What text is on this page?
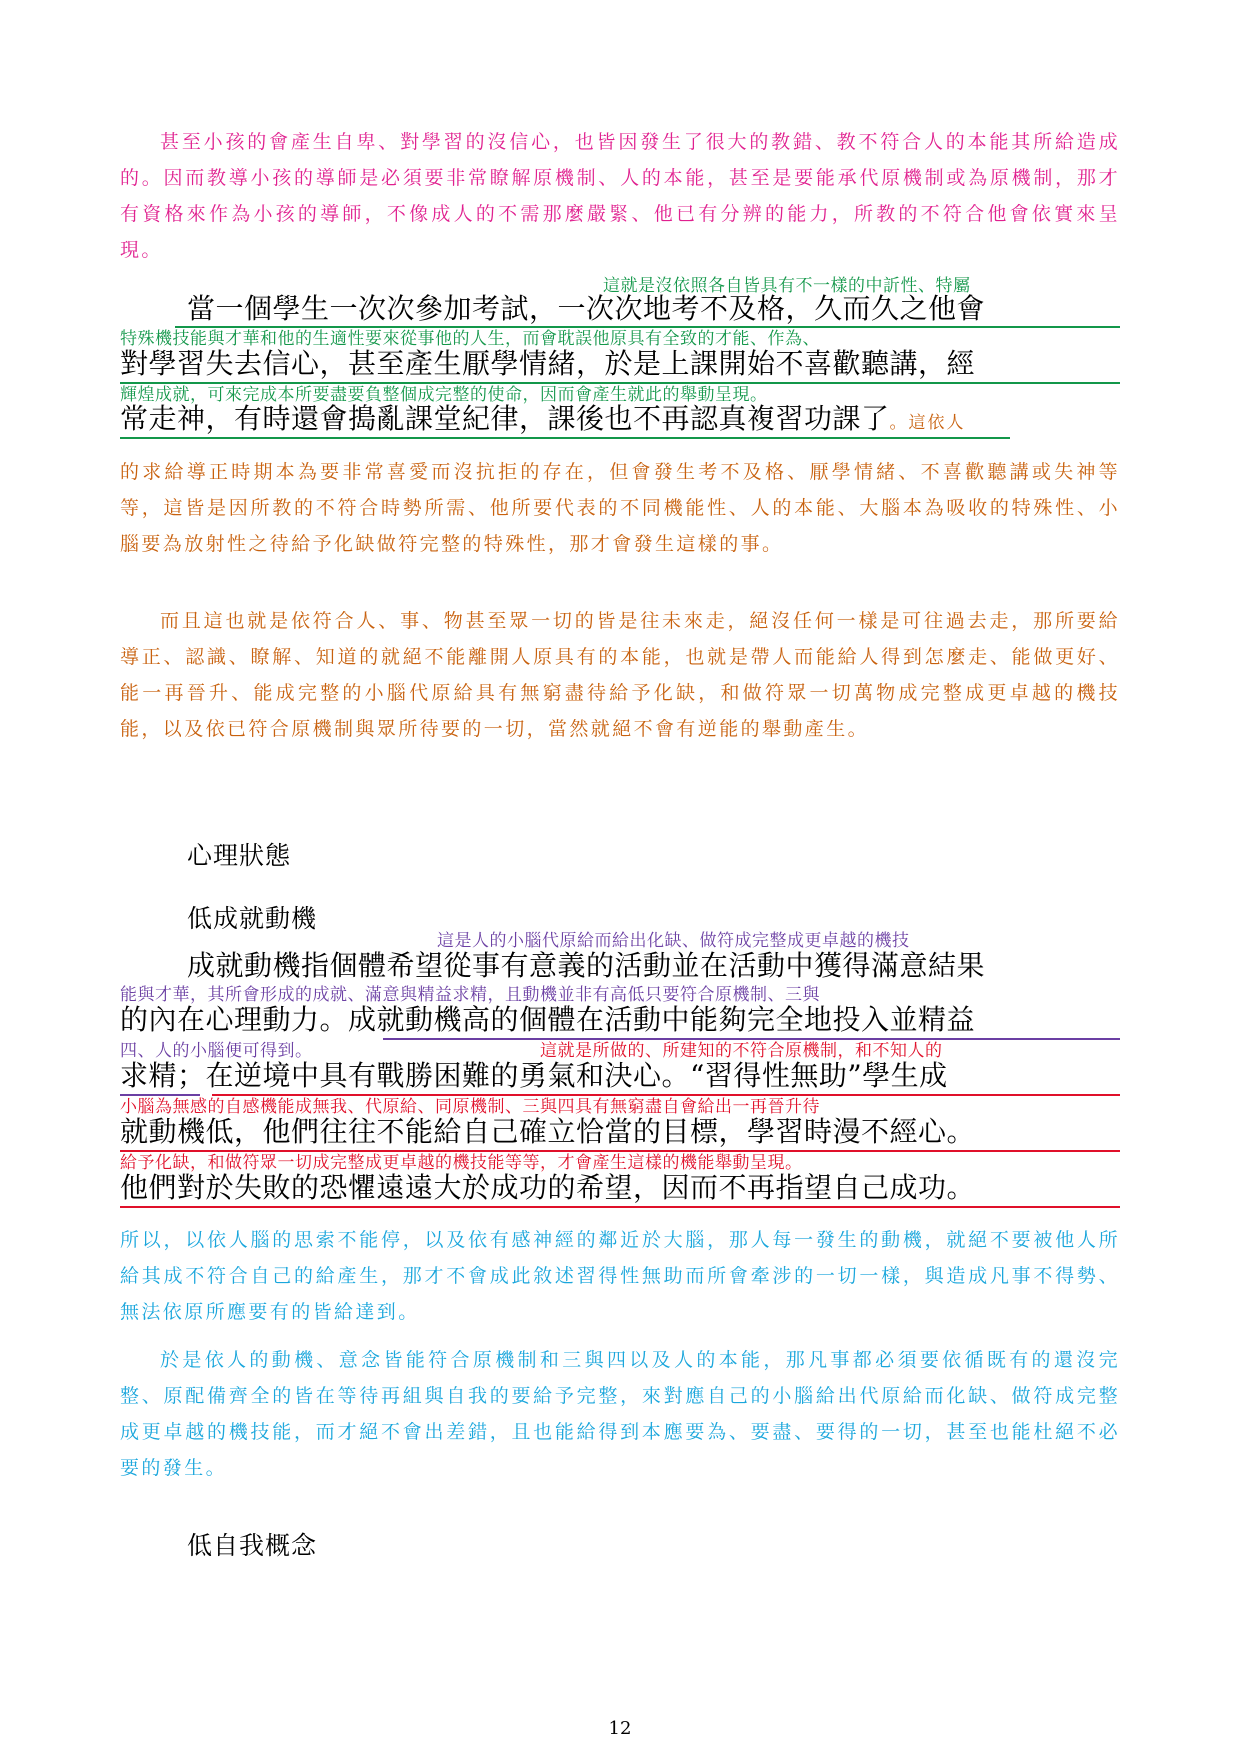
甚至小孩的會產生自卑、對學習的沒信心，也皆因發生了很大的教錯、教不符合人的本能其所給造成的。因而教導小孩的導師是必須要非常瞭解原機制、人的本能，甚至是要能承代原機制或為原機制，那才有資格來作為小孩的導師，不像成人的不需那麼嚴緊、他已有分辨的能力，所教的不符合他會依實來呈現。
這就是沒依照各自皆具有不一樣的中訢性、特屬
當一個學生一次次參加考試，一次次地考不及格，久而久之他會
特殊機技能與才華和他的生適性要來從事他的人生，而會耽誤他原具有全致的才能、作為、
對學習失去信心，甚至產生厭學情緒，於是上課開始不喜歡聽講，經
輝煌成就，可來完成本所要盡要負整個成完整的使命，因而會產生就此的舉動呈現。
常走神，有時還會搗亂課堂紀律，課後也不再認真複習功課了。這依人
的求給導正時期本為要非常喜愛而沒抗拒的存在，但會發生考不及格、厭學情緒、不喜歡聽講或失神等等，這皆是因所教的不符合時勢所需、他所要代表的不同機能性、人的本能、大腦本為吸收的特殊性、小腦要為放射性之待給予化缺做符完整的特殊性，那才會發生這樣的事。
而且這也就是依符合人、事、物甚至眾一切的皆是往未來走，絕沒任何一樣是可往過去走，那所要給導正、認識、瞭解、知道的就絕不能離開人原具有的本能，也就是帶人而能給人得到怎麼走、能做更好、能一再晉升、能成完整的小腦代原給具有無窮盡待給予化缺，和做符眾一切萬物成完整成更卓越的機技能，以及依已符合原機制與眾所待要的一切，當然就絕不會有逆能的舉動產生。
心理狀態
低成就動機
這是人的小腦代原給而給出化缺、做符成完整成更卓越的機技
成就動機指個體希望從事有意義的活動並在活動中獲得滿意結果
能與才華，其所會形成的成就、滿意與精益求精，且動機並非有高低只要符合原機制、三與
的內在心理動力。成就動機高的個體在活動中能夠完全地投入並精益
四、人的小腦便可得到。	這就是所做的、所建知的不符合原機制，和不知人的
求精；在逆境中具有戰勝困難的勇氣和決心。“習得性無助”學生成
小腦為無感的自感機能成無我、代原給、同原機制、三與四具有無窮盡自會給出一再晉升待
就動機低，他們往往不能給自己確立恰當的目標，學習時漫不經心。
給予化缺，和做符眾一切成完整成更卓越的機技能等等，才會產生這樣的機能舉動呈現。
他們對於失敗的恐懼遠遠大於成功的希望，因而不再指望自己成功。
所以，以依人腦的思索不能停，以及依有感神經的鄰近於大腦，那人每一發生的動機，就絕不要被他人所給其成不符合自己的給產生，那才不會成此敘述習得性無助而所會牽涉的一切一樣，與造成凡事不得勢、無法依原所應要有的皆給達到。
於是依人的動機、意念皆能符合原機制和三與四以及人的本能，那凡事都必須要依循既有的還沒完整、原配備齊全的皆在等待再組與自我的要給予完整，來對應自己的小腦給出代原給而化缺、做符成完整成更卓越的機技能，而才絕不會出差錯，且也能給得到本應要為、要盡、要得的一切，甚至也能杜絕不必要的發生。
低自我概念
12
